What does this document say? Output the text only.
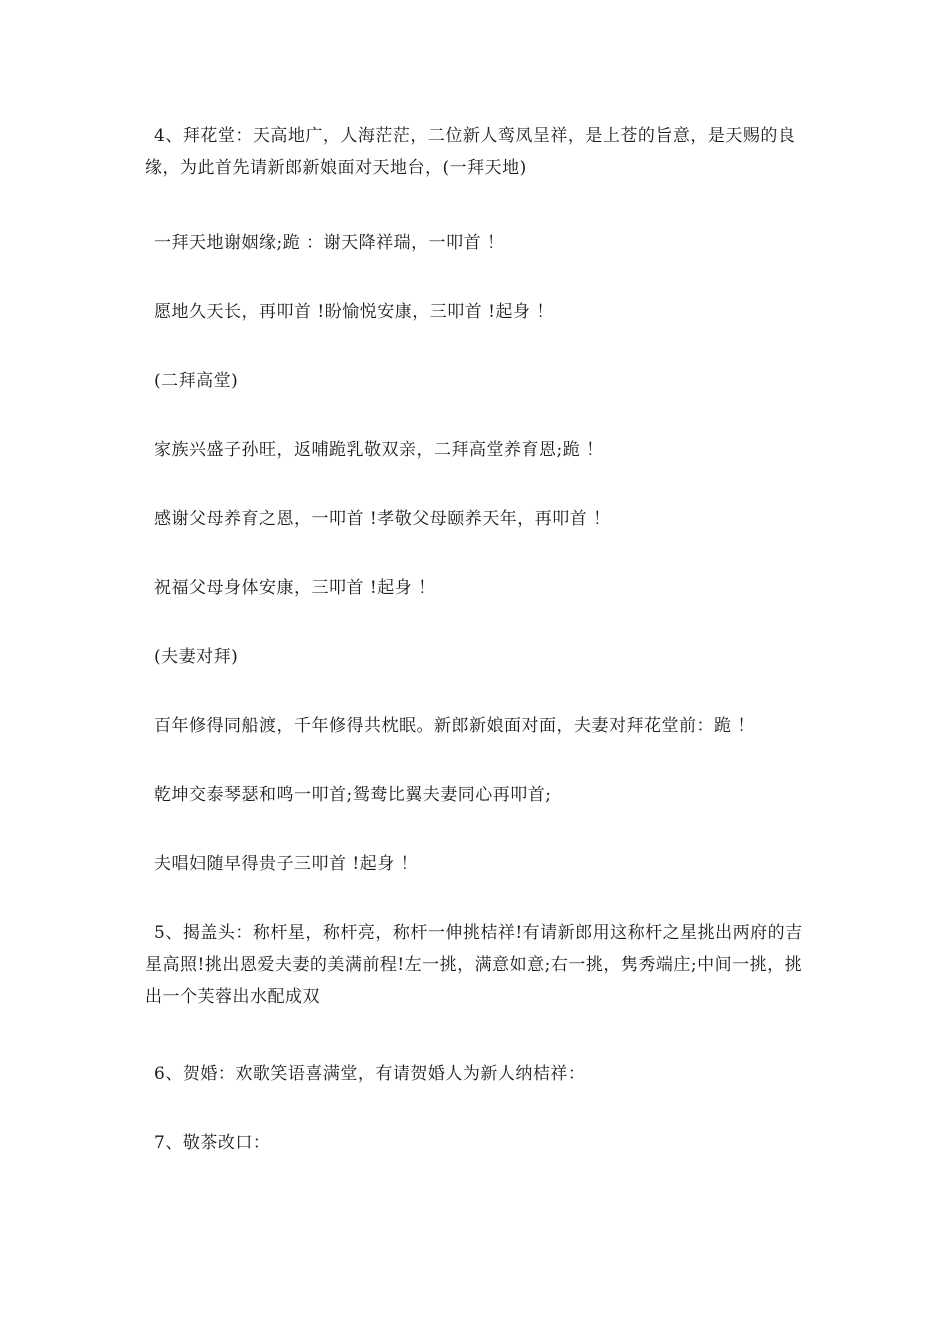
4、拜花堂：天高地广，人海茫茫，二位新人鸾凤呈祥，是上苍的旨意，是天赐的良缘，为此首先请新郎新娘面对天地台，(一拜天地)

一拜天地谢姻缘;跪 ：谢天降祥瑞，一叩首 ！

愿地久天长，再叩首 !盼愉悦安康，三叩首 !起身 ！

(二拜高堂)

家族兴盛子孙旺，返哺跪乳敬双亲，二拜高堂养育恩;跪 ！

感谢父母养育之恩，一叩首 !孝敬父母颐养天年，再叩首 ！

祝福父母身体安康，三叩首 !起身 ！

(夫妻对拜)

百年修得同船渡，千年修得共枕眠。新郎新娘面对面，夫妻对拜花堂前：跪 ！

乾坤交泰琴瑟和鸣一叩首;鸳鸯比翼夫妻同心再叩首;

夫唱妇随早得贵子三叩首 !起身 ！

5、揭盖头：称杆星，称杆亮，称杆一伸挑桔祥!有请新郎用这称杆之星挑出两府的吉星高照!挑出恩爱夫妻的美满前程!左一挑，满意如意;右一挑，隽秀端庄;中间一挑，挑出一个芙蓉出水配成双

6、贺婚：欢歌笑语喜满堂，有请贺婚人为新人纳桔祥：

7、敬茶改口：
